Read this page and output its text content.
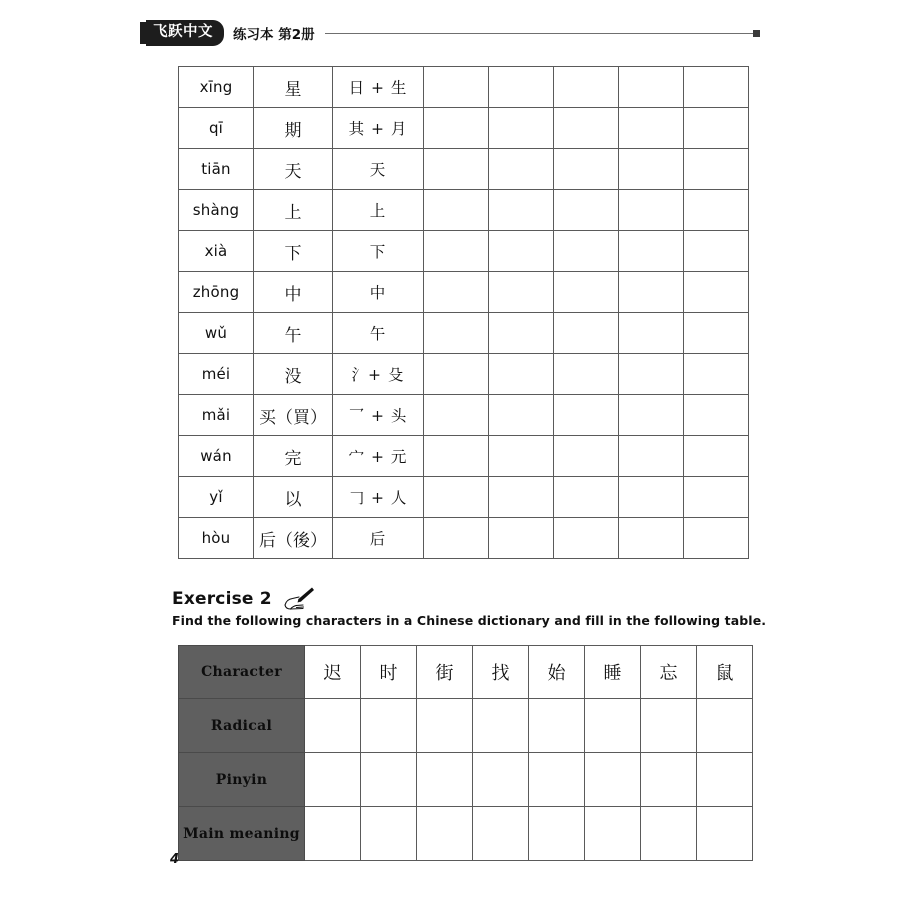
飞跃中文	练习本 第2册
xīng	星	日 + 生					
qī	期	其 + 月					
tiān	天	天					
shàng	上	上					
xià	下	下					
zhōng	中	中					
wǔ	午	午					
méi	没	氵+ 殳					
mǎi	买（買）	乛 + 头					
wán	完	宀 + 元					
yǐ	以	𠃌 + 人					
hòu	后（後）	后					
Exercise 2
Find the following characters in a Chinese dictionary and fill in the following table.
Character	迟	时	街	找	始	睡	忘	鼠
Radical								
Pinyin								
Main meaning								
4
